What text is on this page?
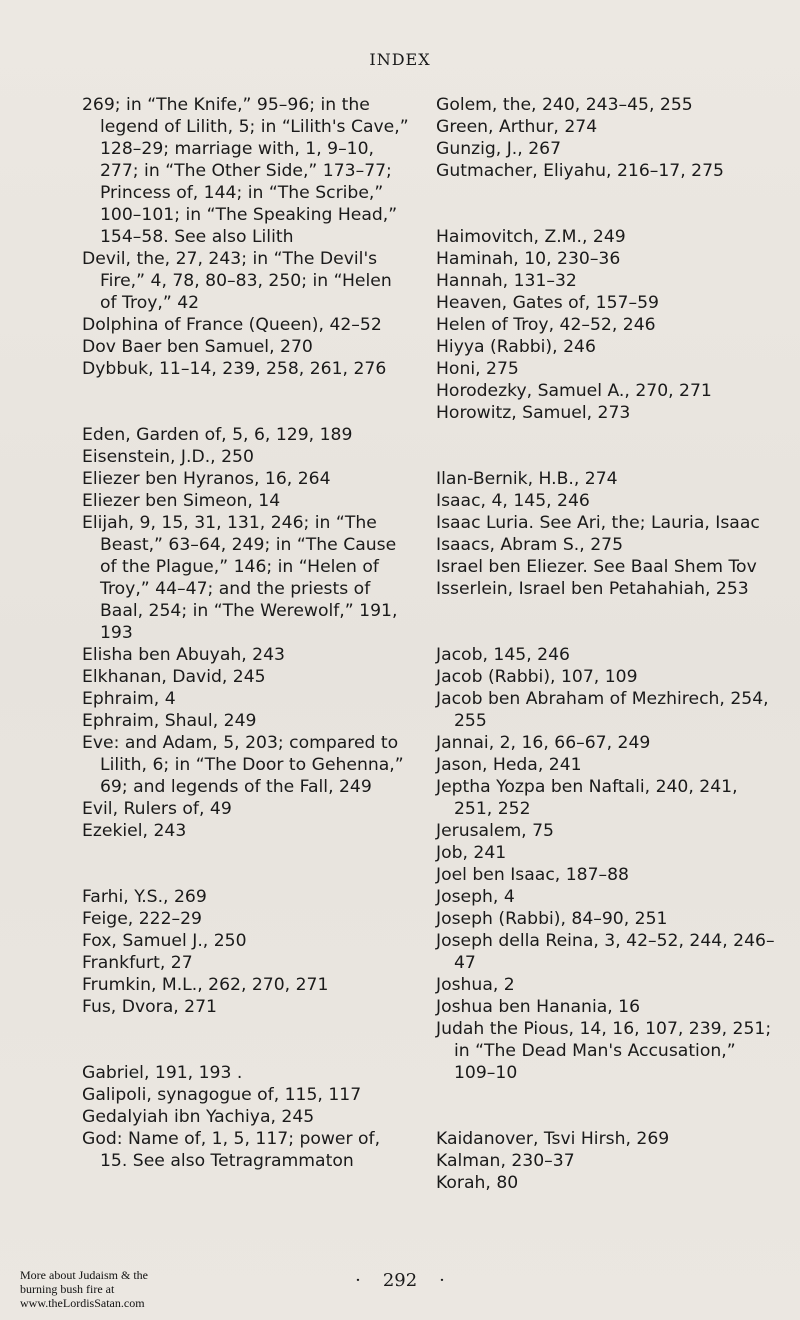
INDEX

269; in “The Knife,” 95–96; in the legend of Lilith, 5; in “Lilith's Cave,” 128–29; marriage with, 1, 9–10, 277; in “The Other Side,” 173–77; Princess of, 144; in “The Scribe,” 100–101; in “The Speaking Head,” 154–58. See also Lilith

Devil, the, 27, 243; in “The Devil's Fire,” 4, 78, 80–83, 250; in “Helen of Troy,” 42

Dolphina of France (Queen), 42–52

Dov Baer ben Samuel, 270

Dybbuk, 11–14, 239, 258, 261, 276

Eden, Garden of, 5, 6, 129, 189

Eisenstein, J.D., 250

Eliezer ben Hyranos, 16, 264

Eliezer ben Simeon, 14

Elijah, 9, 15, 31, 131, 246; in “The Beast,” 63–64, 249; in “The Cause of the Plague,” 146; in “Helen of Troy,” 44–47; and the priests of Baal, 254; in “The Werewolf,” 191, 193

Elisha ben Abuyah, 243

Elkhanan, David, 245

Ephraim, 4

Ephraim, Shaul, 249

Eve: and Adam, 5, 203; compared to Lilith, 6; in “The Door to Gehenna,” 69; and legends of the Fall, 249

Evil, Rulers of, 49

Ezekiel, 243

Farhi, Y.S., 269

Feige, 222–29

Fox, Samuel J., 250

Frankfurt, 27

Frumkin, M.L., 262, 270, 271

Fus, Dvora, 271

Gabriel, 191, 193 .

Galipoli, synagogue of, 115, 117

Gedalyiah ibn Yachiya, 245

God: Name of, 1, 5, 117; power of, 15. See also Tetragrammaton

Golem, the, 240, 243–45, 255

Green, Arthur, 274

Gunzig, J., 267

Gutmacher, Eliyahu, 216–17, 275

Haimovitch, Z.M., 249

Haminah, 10, 230–36

Hannah, 131–32

Heaven, Gates of, 157–59

Helen of Troy, 42–52, 246

Hiyya (Rabbi), 246

Honi, 275

Horodezky, Samuel A., 270, 271

Horowitz, Samuel, 273

Ilan-Bernik, H.B., 274

Isaac, 4, 145, 246

Isaac Luria. See Ari, the; Lauria, Isaac

Isaacs, Abram S., 275

Israel ben Eliezer. See Baal Shem Tov

Isserlein, Israel ben Petahahiah, 253

Jacob, 145, 246

Jacob (Rabbi), 107, 109

Jacob ben Abraham of Mezhirech, 254, 255

Jannai, 2, 16, 66–67, 249

Jason, Heda, 241

Jeptha Yozpa ben Naftali, 240, 241, 251, 252

Jerusalem, 75

Job, 241

Joel ben Isaac, 187–88

Joseph, 4

Joseph (Rabbi), 84–90, 251

Joseph della Reina, 3, 42–52, 244, 246–47

Joshua, 2

Joshua ben Hanania, 16

Judah the Pious, 14, 16, 107, 239, 251; in “The Dead Man's Accusation,” 109–10

Kaidanover, Tsvi Hirsh, 269

Kalman, 230–37

Korah, 80

More about Judaism & the burning bush fire at www.theLordisSatan.com
· 292 ·
